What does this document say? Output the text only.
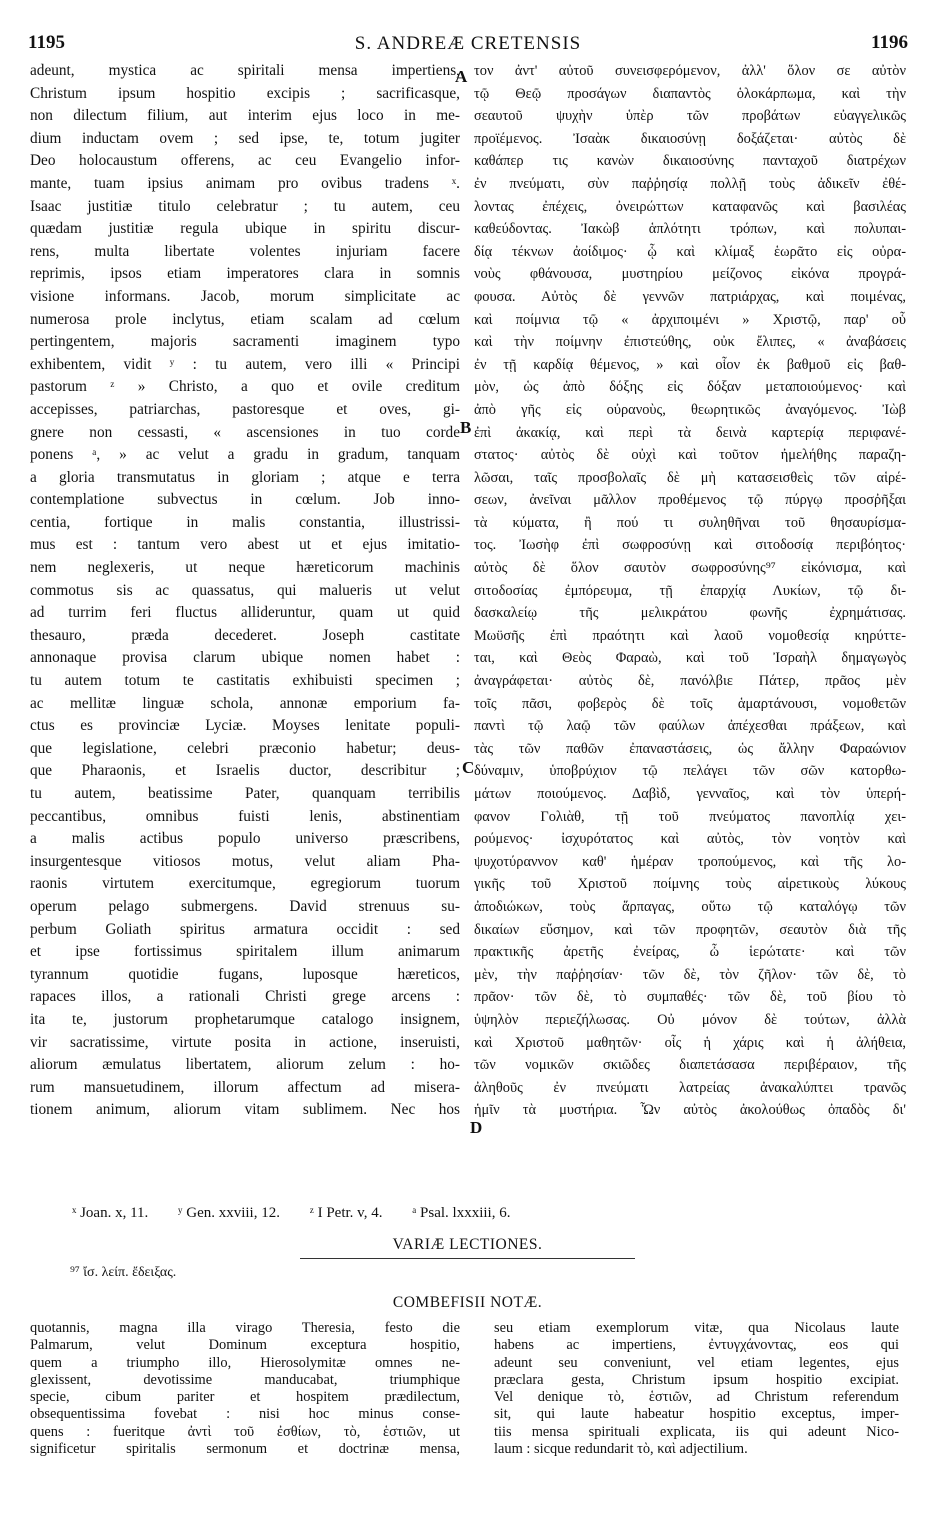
1195	S. ANDREÆ CRETENSIS	1196
adeunt, mystica ac spiritali mensa impertiens,
Christum ipsum hospitio excipis ; sacrificasque,
non dilectum filium, aut interim ejus loco in me-
dium inductam ovem ; sed ipse, te, totum jugiter
Deo holocaustum offerens, ac ceu Evangelio infor-
mante, tuam ipsius animam pro ovibus tradens ˣ.
Isaac justitiæ titulo celebratur ; tu autem, ceu
quædam justitiæ regula ubique in spiritu discur-
rens, multa libertate volentes injuriam facere
reprimis, ipsos etiam imperatores clara in somnis
visione informans. Jacob, morum simplicitate ac
numerosa prole inclytus, etiam scalam ad cœlum
pertingentem, majoris sacramenti imaginem typo
exhibentem, vidit ʸ : tu autem, vero illi « Principi
pastorum ᶻ » Christo, a quo et ovile creditum
accepisses, patriarchas, pastoresque et oves, gi-
gnere non cessasti, « ascensiones in tuo corde
ponens ᵃ, » ac velut a gradu in gradum, tanquam
a gloria transmutatus in gloriam ; atque e terra
contemplatione subvectus in cœlum. Job inno-
centia, fortique in malis constantia, illustrissi-
mus est : tantum vero abest ut et ejus imitatio-
nem neglexeris, ut neque hæreticorum machinis
commotus sis ac quassatus, qui malueris ut velut
ad turrim feri fluctus allideruntur, quam ut quid
thesauro, præda decederet. Joseph castitate
annonaque provisa clarum ubique nomen habet :
tu autem totum te castitatis exhibuisti specimen ;
ac mellitæ linguæ schola, annonæ emporium fa-
ctus es provinciæ Lyciæ. Moyses lenitate populi-
que legislatione, celebri præconio habetur; deus-
que Pharaonis, et Israelis ductor, describitur ;
tu autem, beatissime Pater, quanquam terribilis
peccantibus, omnibus fuisti lenis, abstinentiam
a malis actibus populo universo præscribens,
insurgentesque vitiosos motus, velut aliam Pha-
raonis virtutem exercitumque, egregiorum tuorum
operum pelago submergens. David strenuus su-
perbum Goliath spiritus armatura occidit : sed
et ipse fortissimus spiritalem illum animarum
tyrannum quotidie fugans, luposque hæreticos,
rapaces illos, a rationali Christi grege arcens :
ita te, justorum prophetarumque catalogo insignem,
vir sacratissime, virtute posita in actione, inseruisti,
aliorum æmulatus libertatem, aliorum zelum : ho-
rum mansuetudinem, illorum affectum ad misera-
tionem animum, aliorum vitam sublimem. Nec hos
τον ἀντ' αὐτοῦ συνεισφερόμενον, ἀλλ' ὅλον σε αὐτὸν
τῷ Θεῷ προσάγων διαπαντὸς ὁλοκάρπωμα, καὶ τὴν
σεαυτοῦ ψυχὴν ὑπὲρ τῶν προβάτων εὐαγγελικῶς
προϊέμενος. Ἰσαὰκ δικαιοσύνῃ δοξάζεται· αὐτὸς δὲ
καθάπερ τις κανὼν δικαιοσύνης πανταχοῦ διατρέχων
ἐν πνεύματι, σὺν παῤῥησίᾳ πολλῇ τοὺς ἀδικεῖν ἐθέ-
λοντας ἐπέχεις, ὀνειρώττων καταφανῶς καὶ βασιλέας
καθεύδοντας. Ἰακὼβ ἁπλότητι τρόπων, καὶ πολυπαι-
δίᾳ τέκνων ἀοίδιμος· ᾧ καὶ κλίμαξ ἑωρᾶτο εἰς οὐρα-
νοὺς φθάνουσα, μυστηρίου μείζονος εἰκόνα προγρά-
φουσα. Αὐτὸς δὲ γεννῶν πατριάρχας, καὶ ποιμένας,
καὶ ποίμνια τῷ « ἀρχιποιμένι » Χριστῷ, παρ' οὗ
καὶ τὴν ποίμνην ἐπιστεύθης, οὐκ ἔλιπες, « ἀναβάσεις
ἐν τῇ καρδίᾳ θέμενος, » καὶ οἷον ἐκ βαθμοῦ εἰς βαθ-
μὸν, ὡς ἀπὸ δόξης εἰς δόξαν μεταποιούμενος· καὶ
ἀπὸ γῆς εἰς οὐρανοὺς, θεωρητικῶς ἀναγόμενος. Ἰὼβ
ἐπὶ ἀκακίᾳ, καὶ περὶ τὰ δεινὰ καρτερίᾳ περιφανέ-
στατος· αὐτὸς δὲ οὐχὶ καὶ τοῦτον ἠμελήθης παραζη-
λῶσαι, ταῖς προσβολαῖς δὲ μὴ κατασεισθεὶς τῶν αἱρέ-
σεων, ἀνεῖναι μᾶλλον προθέμενος τῷ πύργῳ προσῤῆξαι
τὰ κύματα, ἢ πού τι συληθῆναι τοῦ θησαυρίσμα-
τος. Ἰωσὴφ ἐπὶ σωφροσύνῃ καὶ σιτοδοσίᾳ περιβόητος·
αὐτὸς δὲ ὅλον σαυτὸν σωφροσύνης⁹⁷ εἰκόνισμα, καὶ
σιτοδοσίας ἐμπόρευμα, τῇ ἐπαρχίᾳ Λυκίων, τῷ δι-
δασκαλείῳ τῆς μελικράτου φωνῆς ἐχρημάτισας.
Μωϋσῆς ἐπὶ πραότητι καὶ λαοῦ νομοθεσίᾳ κηρύττε-
ται, καὶ Θεὸς Φαραὼ, καὶ τοῦ Ἰσραὴλ δημαγωγὸς
ἀναγράφεται· αὐτὸς δὲ, πανόλβιε Πάτερ, πρᾶος μὲν
τοῖς πᾶσι, φοβερὸς δὲ τοῖς ἁμαρτάνουσι, νομοθετῶν
παντὶ τῷ λαῷ τῶν φαύλων ἀπέχεσθαι πράξεων, καὶ
τὰς τῶν παθῶν ἐπαναστάσεις, ὡς ἄλλην Φαραώνιον
δύναμιν, ὑποβρύχιον τῷ πελάγει τῶν σῶν κατορθω-
μάτων ποιούμενος. Δαβὶδ, γενναῖος, καὶ τὸν ὑπερή-
φανον Γολιὰθ, τῇ τοῦ πνεύματος πανοπλίᾳ χει-
ρούμενος· ἰσχυρότατος καὶ αὐτὸς, τὸν νοητὸν καὶ
ψυχοτύραννον καθ' ἡμέραν τροπούμενος, καὶ τῆς λο-
γικῆς τοῦ Χριστοῦ ποίμνης τοὺς αἱρετικοὺς λύκους
ἀποδιώκων, τοὺς ἅρπαγας, οὕτω τῷ καταλόγῳ τῶν
δικαίων εὔσημον, καὶ τῶν προφητῶν, σεαυτὸν διὰ τῆς
πρακτικῆς ἀρετῆς ἐνείρας, ὦ ἱερώτατε· καὶ τῶν
μὲν, τὴν παῤῥησίαν· τῶν δὲ, τὸν ζῆλον· τῶν δὲ, τὸ
πρᾶον· τῶν δὲ, τὸ συμπαθές· τῶν δὲ, τοῦ βίου τὸ
ὑψηλὸν περιεζήλωσας. Οὐ μόνον δὲ τούτων, ἀλλὰ
καὶ Χριστοῦ μαθητῶν· οἷς ἡ χάρις καὶ ἡ ἀλήθεια,
τῶν νομικῶν σκιῶδες διαπετάσασα περιβέραιον, τῆς
ἀληθοῦς ἐν πνεύματι λατρείας ἀνακαλύπτει τρανῶς
ἡμῖν τὰ μυστήρια. Ὧν αὐτὸς ἀκολούθως ὀπαδὸς δι'
A
B
C
D
ˣ Joan. x, 11. ʸ Gen. xxviii, 12. ᶻ I Petr. v, 4. ᵃ Psal. lxxxiii, 6.
VARIÆ LECTIONES.
⁹⁷ ἴσ. λείπ. ἔδειξας.
COMBEFISII NOTÆ.
quotannis, magna illa virago Theresia, festo die
Palmarum, velut Dominum exceptura hospitio,
quem a triumpho illo, Hierosolymitæ omnes ne-
glexissent, devotissime manducabat, triumphique
specie, cibum pariter et hospitem prædilectum,
obsequentissima fovebat : nisi hoc minus conse-
quens : fueritque ἀντὶ τοῦ ἐσθίων, τὸ, ἑστιῶν, ut
significetur spiritalis sermonum et doctrinæ mensa,
seu etiam exemplorum vitæ, qua Nicolaus laute
habens ac impertiens, ἐντυγχάνοντας, eos qui
adeunt seu conveniunt, vel etiam legentes, ejus
præclara gesta, Christum ipsum hospitio excipiat.
Vel denique τὸ, ἑστιῶν, ad Christum referendum
sit, qui laute habeatur hospitio exceptus, imper-
tiis mensa spirituali explicata, iis qui adeunt Nico-
laum : sicque redundarit τὸ, καὶ adjectilium.
